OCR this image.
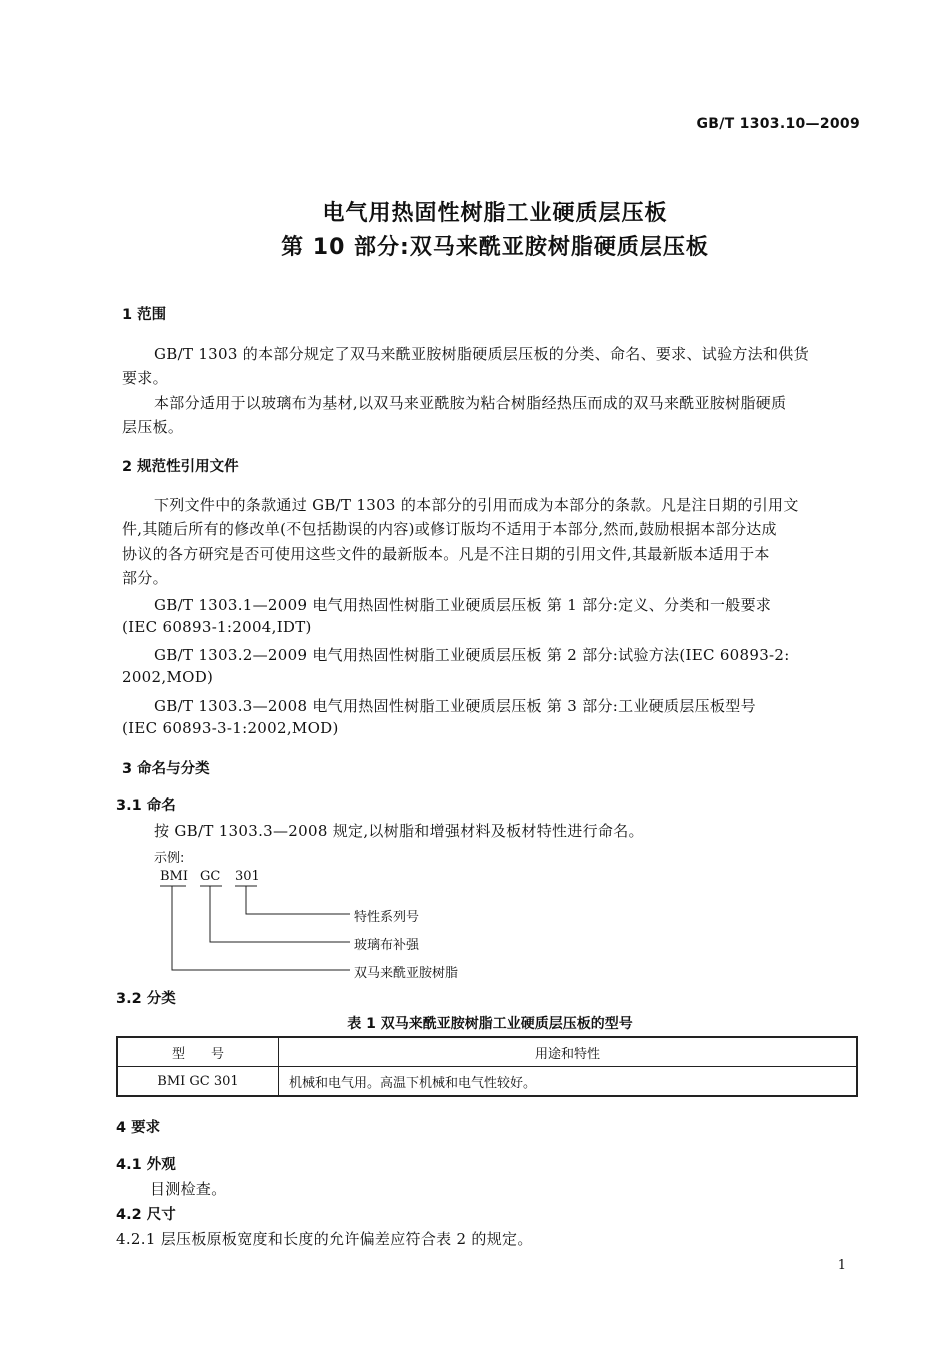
GB/T 1303.10—2009
电气用热固性树脂工业硬质层压板
第 10 部分:双马来酰亚胺树脂硬质层压板
1 范围
GB/T 1303 的本部分规定了双马来酰亚胺树脂硬质层压板的分类、命名、要求、试验方法和供货
要求。
本部分适用于以玻璃布为基材,以双马来亚酰胺为粘合树脂经热压而成的双马来酰亚胺树脂硬质
层压板。
2 规范性引用文件
下列文件中的条款通过 GB/T 1303 的本部分的引用而成为本部分的条款。凡是注日期的引用文
件,其随后所有的修改单(不包括勘误的内容)或修订版均不适用于本部分,然而,鼓励根据本部分达成
协议的各方研究是否可使用这些文件的最新版本。凡是不注日期的引用文件,其最新版本适用于本
部分。
GB/T 1303.1—2009 电气用热固性树脂工业硬质层压板 第 1 部分:定义、分类和一般要求
(IEC 60893-1:2004,IDT)
GB/T 1303.2—2009 电气用热固性树脂工业硬质层压板 第 2 部分:试验方法(IEC 60893-2:
2002,MOD)
GB/T 1303.3—2008 电气用热固性树脂工业硬质层压板 第 3 部分:工业硬质层压板型号
(IEC 60893-3-1:2002,MOD)
3 命名与分类
3.1 命名
按 GB/T 1303.3—2008 规定,以树脂和增强材料及板材特性进行命名。
示例:
BMI GC 301
特性系列号
玻璃布补强
双马来酰亚胺树脂
3.2 分类
表 1 双马来酰亚胺树脂工业硬质层压板的型号
型　　号	用途和特性
BMI GC 301	机械和电气用。高温下机械和电气性较好。
4 要求
4.1 外观
目测检查。
4.2 尺寸
4.2.1 层压板原板宽度和长度的允许偏差应符合表 2 的规定。
1
